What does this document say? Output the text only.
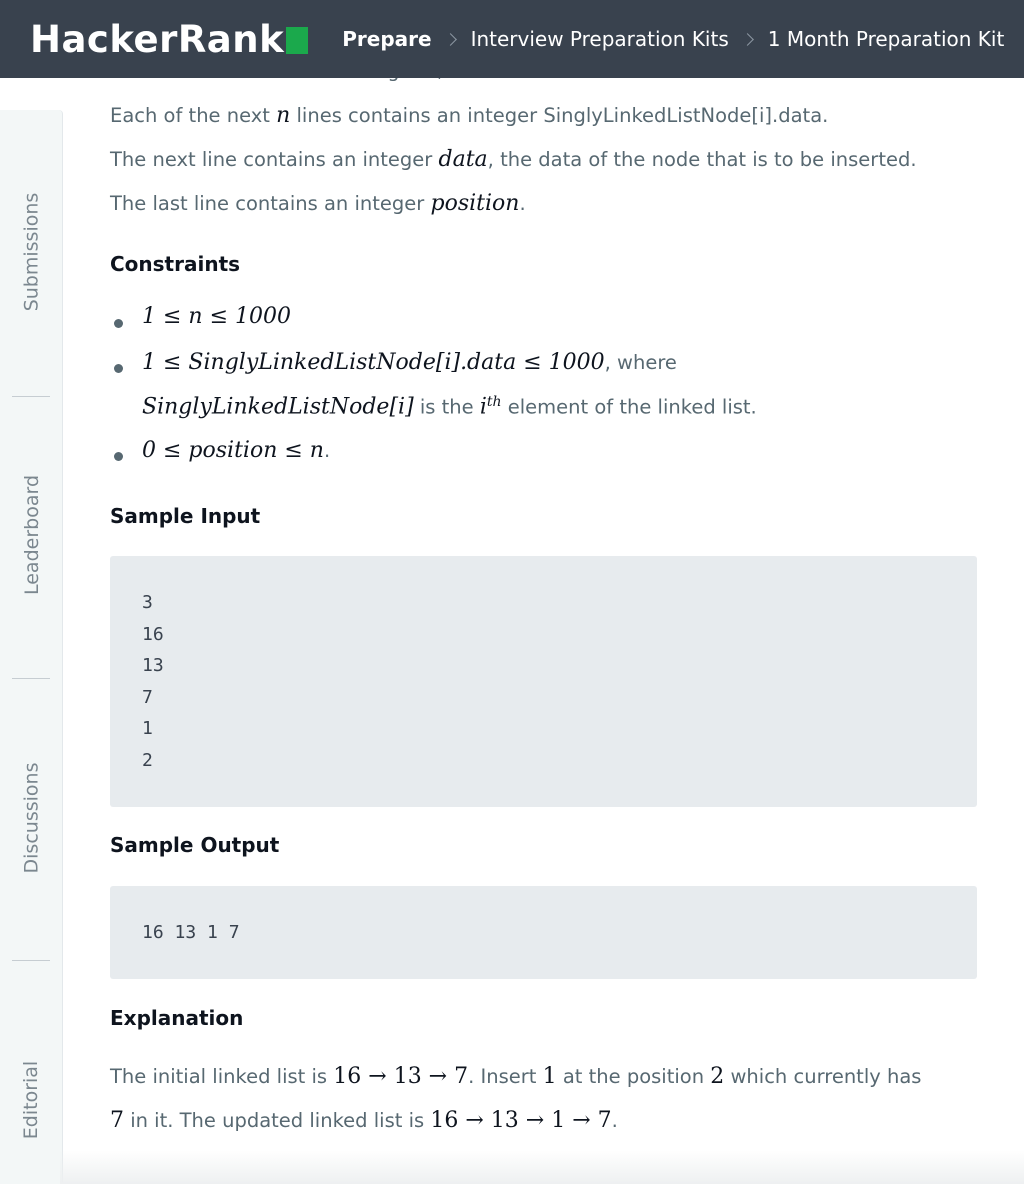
HackerRank	Prepare Interview Preparation Kits 1 Month Preparation Kit
Submissions
Leaderboard
Discussions
Editorial
Each of the next n lines contains an integer SinglyLinkedListNode[i].data.
The next line contains an integer data, the data of the node that is to be inserted.
The last line contains an integer position.
Constraints
1 ≤ n ≤ 1000
1 ≤ SinglyLinkedListNode[i].data ≤ 1000, where
SinglyLinkedListNode[i] is the $i^{th}$ element of the linked list.
0 ≤ position ≤ n.
Sample Input
3
16
13
7
1
2
Sample Output
16 13 1 7
Explanation
The initial linked list is 16 → 13 → 7. Insert 1 at the position 2 which currently has
7 in it. The updated linked list is 16 → 13 → 1 → 7.
